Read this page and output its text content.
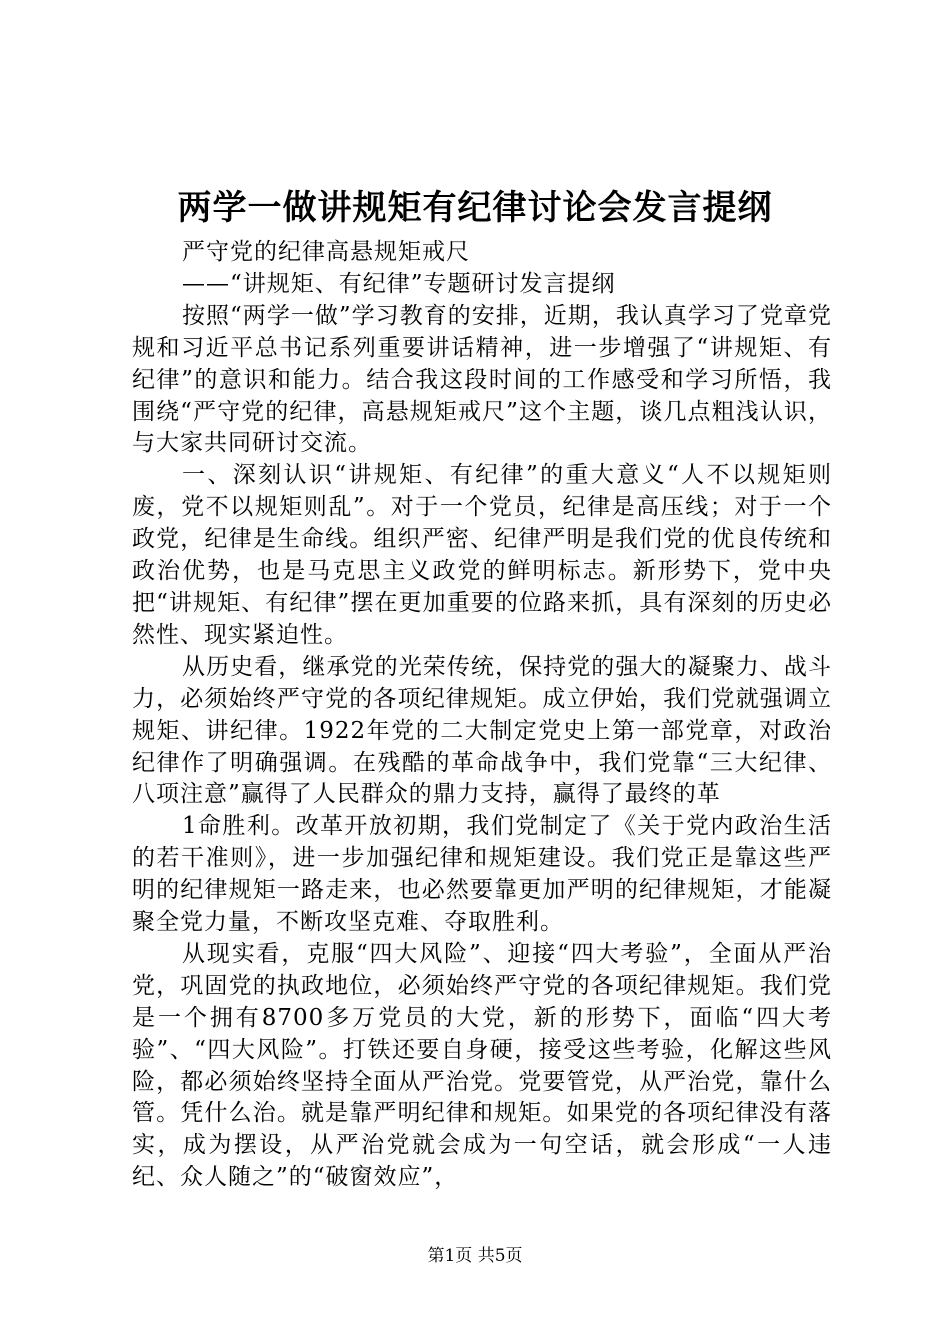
两学一做讲规矩有纪律讨论会发言提纲

严守党的纪律高悬规矩戒尺

——“讲规矩、有纪律”专题研讨发言提纲

按照“两学一做”学习教育的安排，近期，我认真学习了党章党规和习近平总书记系列重要讲话精神，进一步增强了“讲规矩、有纪律”的意识和能力。结合我这段时间的工作感受和学习所悟，我围绕“严守党的纪律，高悬规矩戒尺”这个主题，谈几点粗浅认识，与大家共同研讨交流。

一、深刻认识“讲规矩、有纪律”的重大意义“人不以规矩则废，党不以规矩则乱”。对于一个党员，纪律是高压线；对于一个政党，纪律是生命线。组织严密、纪律严明是我们党的优良传统和政治优势，也是马克思主义政党的鲜明标志。新形势下，党中央把“讲规矩、有纪律”摆在更加重要的位路来抓，具有深刻的历史必然性、现实紧迫性。

从历史看，继承党的光荣传统，保持党的强大的凝聚力、战斗力，必须始终严守党的各项纪律规矩。成立伊始，我们党就强调立规矩、讲纪律。1922年党的二大制定党史上第一部党章，对政治纪律作了明确强调。在残酷的革命战争中，我们党靠“三大纪律、八项注意”赢得了人民群众的鼎力支持，赢得了最终的革

1命胜利。改革开放初期，我们党制定了《关于党内政治生活的若干准则》，进一步加强纪律和规矩建设。我们党正是靠这些严明的纪律规矩一路走来，也必然要靠更加严明的纪律规矩，才能凝聚全党力量，不断攻坚克难、夺取胜利。

从现实看，克服“四大风险”、迎接“四大考验”，全面从严治党，巩固党的执政地位，必须始终严守党的各项纪律规矩。我们党是一个拥有8700多万党员的大党，新的形势下，面临“四大考验”、“四大风险”。打铁还要自身硬，接受这些考验，化解这些风险，都必须始终坚持全面从严治党。党要管党，从严治党，靠什么管。凭什么治。就是靠严明纪律和规矩。如果党的各项纪律没有落实，成为摆设，从严治党就会成为一句空话，就会形成“一人违纪、众人随之”的“破窗效应”，

第1页 共5页
